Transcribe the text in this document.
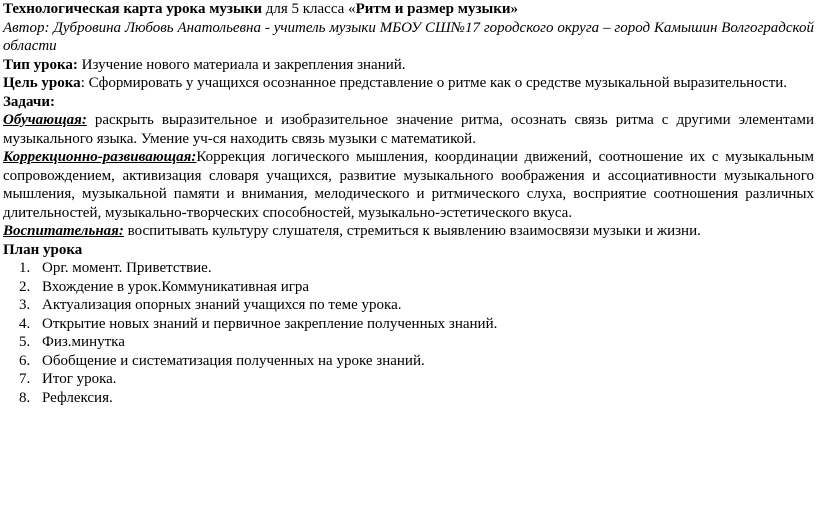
Технологическая карта урока музыки для 5 класса «Ритм и размер музыки»

Автор: Дубровина Любовь Анатольевна - учитель музыки МБОУ СШ№17 городского округа – город Камышин Волгоградской области

Тип урока: Изучение нового материала и закрепления знаний.

Цель урока: Сформировать у учащихся осознанное представление о ритме как о средстве музыкальной выразительности.

Задачи:

Обучающая: раскрыть выразительное и изобразительное значение ритма, осознать связь ритма с другими элементами музыкального языка. Умение уч-ся находить связь музыки с математикой.

Коррекционно-развивающая:Коррекция логического мышления, координации движений, соотношение их с музыкальным сопровождением, активизация словаря учащихся, развитие музыкального воображения и ассоциативности музыкального мышления, музыкальной памяти и внимания, мелодического и ритмического слуха, восприятие соотношения различных длительностей, музыкально-творческих способностей, музыкально-эстетического вкуса.

Воспитательная: воспитывать культуру слушателя, стремиться к выявлению взаимосвязи музыки и жизни.

План урока

1. Орг. момент. Приветствие.
2. Вхождение в урок.Коммуникативная игра
3. Актуализация опорных знаний учащихся по теме урока.
4. Открытие новых знаний и первичное закрепление полученных знаний.
5. Физ.минутка
6. Обобщение и систематизация полученных на уроке знаний.
7. Итог урока.
8. Рефлексия.
